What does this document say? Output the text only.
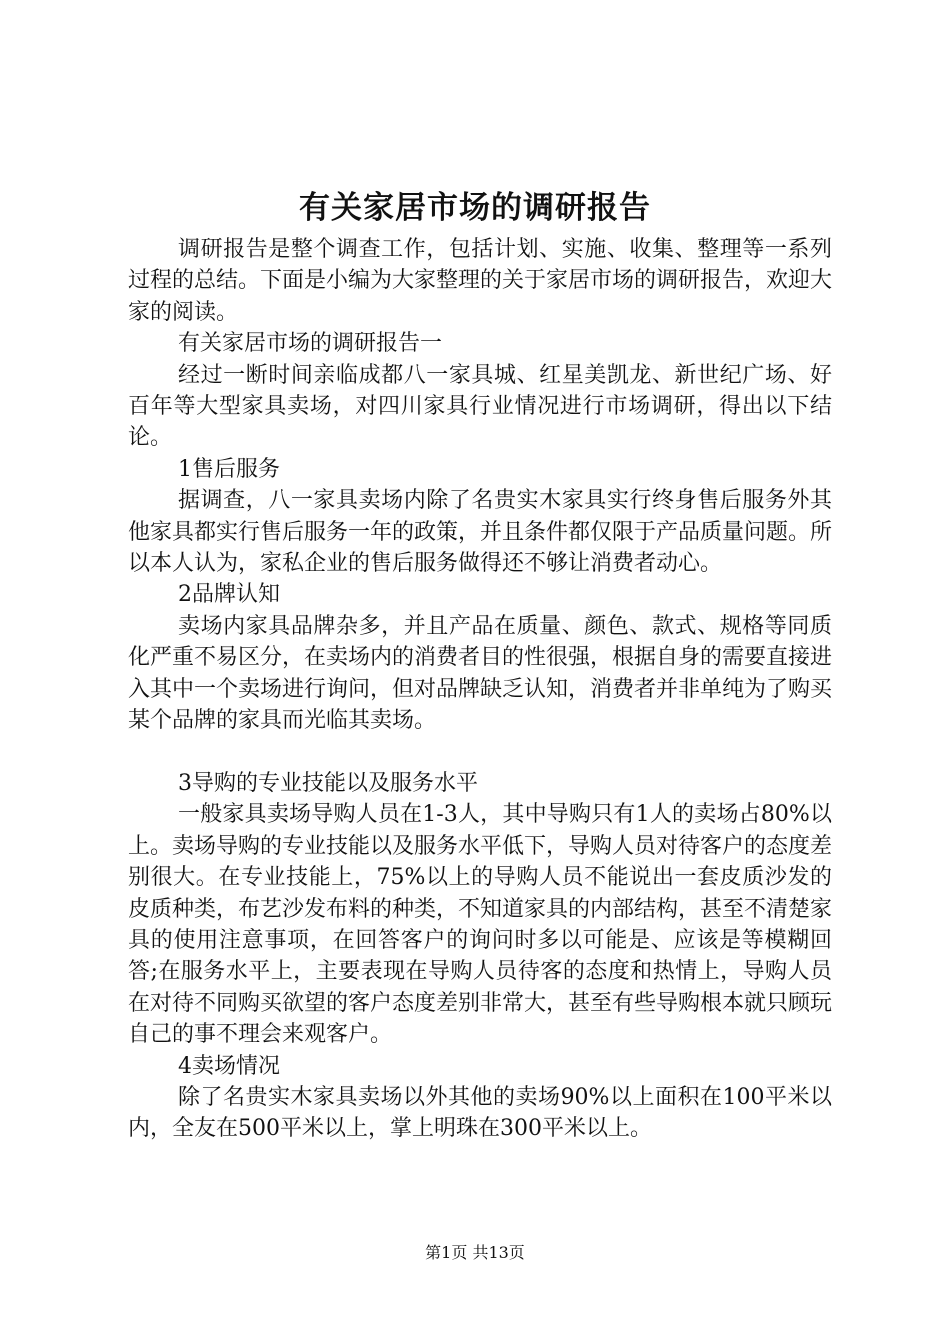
有关家居市场的调研报告

调研报告是整个调查工作，包括计划、实施、收集、整理等一系列过程的总结。下面是小编为大家整理的关于家居市场的调研报告，欢迎大家的阅读。

有关家居市场的调研报告一

经过一断时间亲临成都八一家具城、红星美凯龙、新世纪广场、好百年等大型家具卖场，对四川家具行业情况进行市场调研，得出以下结论。

1售后服务

据调查，八一家具卖场内除了名贵实木家具实行终身售后服务外其他家具都实行售后服务一年的政策，并且条件都仅限于产品质量问题。所以本人认为，家私企业的售后服务做得还不够让消费者动心。

2品牌认知

卖场内家具品牌杂多，并且产品在质量、颜色、款式、规格等同质化严重不易区分，在卖场内的消费者目的性很强，根据自身的需要直接进入其中一个卖场进行询问，但对品牌缺乏认知，消费者并非单纯为了购买某个品牌的家具而光临其卖场。

3导购的专业技能以及服务水平

一般家具卖场导购人员在1-3人，其中导购只有1人的卖场占80%以上。卖场导购的专业技能以及服务水平低下，导购人员对待客户的态度差别很大。在专业技能上，75%以上的导购人员不能说出一套皮质沙发的皮质种类，布艺沙发布料的种类，不知道家具的内部结构，甚至不清楚家具的使用注意事项，在回答客户的询问时多以可能是、应该是等模糊回答;在服务水平上，主要表现在导购人员待客的态度和热情上，导购人员在对待不同购买欲望的客户态度差别非常大，甚至有些导购根本就只顾玩自己的事不理会来观客户。

4卖场情况

除了名贵实木家具卖场以外其他的卖场90%以上面积在100平米以内，全友在500平米以上，掌上明珠在300平米以上。

第1页 共13页
